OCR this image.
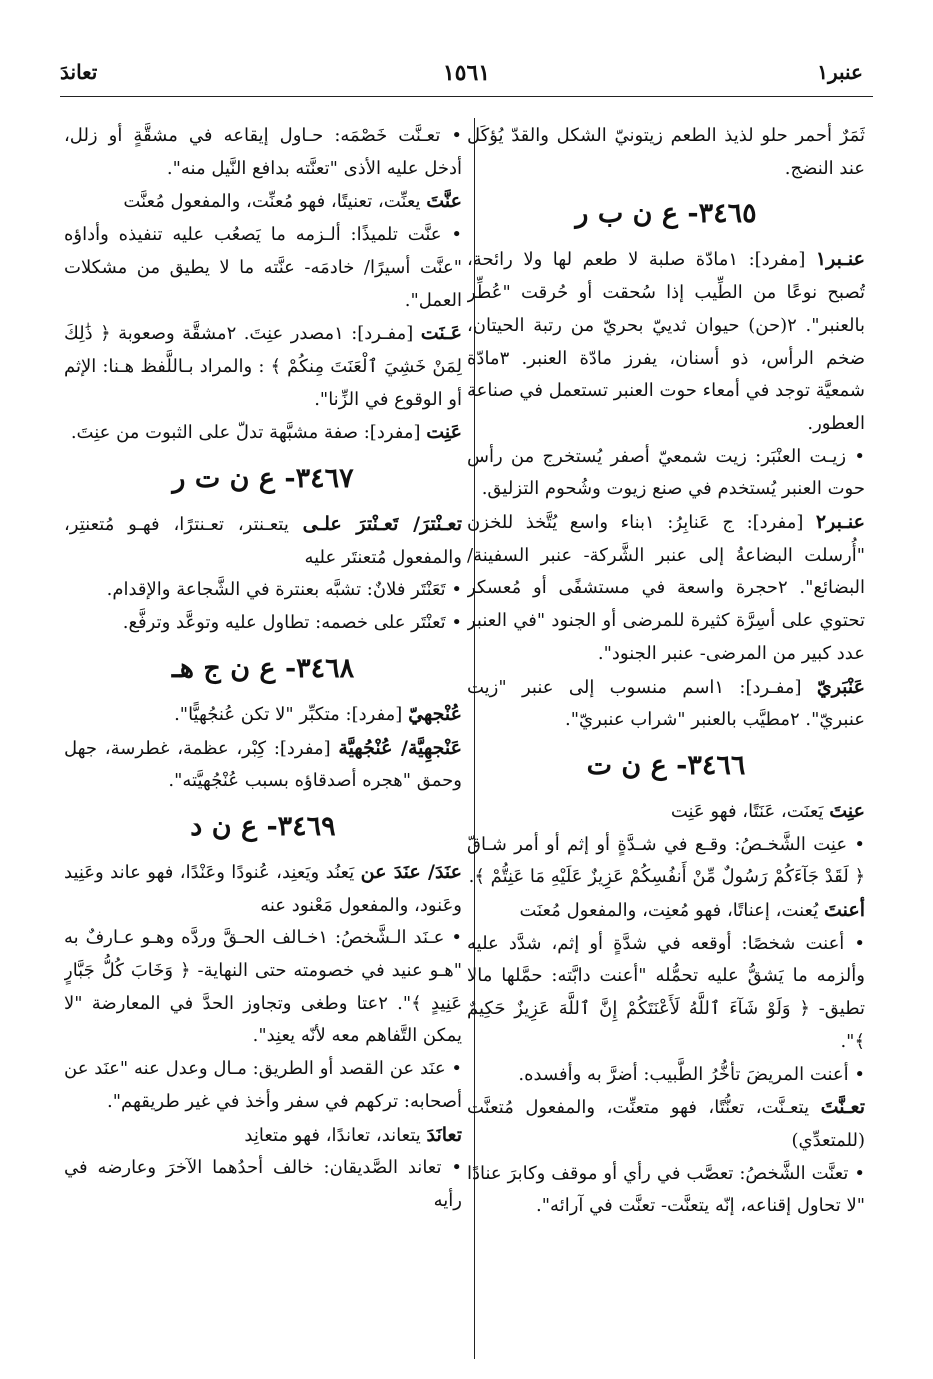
عنبر١
١٥٦١
تعاندَ

ثَمَرٌ أحمر حلو لذيذ الطعم زيتونيّ الشكل والقدّ يُؤكَل عند النضج.

٣٤٦٥- ع ن ب ر

عنـبر١ [مفرد]: ١مادّة صلبة لا طعم لها ولا رائحة، تُصبح نوعًا من الطِّيب إذا سُحقت أو حُرقت "عُطِّر بالعنبر". ٢(حن) حيوان ثدييّ بحريّ من رتبة الحيتان، ضخم الرأس، ذو أسنان، يفرز مادّة العنبر. ٣مادّة شمعيَّة توجد في أمعاء حوت العنبر تستعمل في صناعة العطور.

• زيـت العنْبَر: زيت شمعيّ أصفر يُستخرج من رأس حوت العنبر يُستخدم في صنع زيوت وشُحوم التزليق.

عنـبر٢ [مفرد]: ج عَنابِرُ: ١بناء واسع يُتَّخذ للخزن "أُرسلت البضاعةُ إلى عنبر الشَّركة- عنبر السفينة/ البضائع". ٢حجرة واسعة في مستشفًى أو مُعسكر تحتوي على أسِرَّة كثيرة للمرضى أو الجنود "في العنبر عدد كبير من المرضى- عنبر الجنود".

عَنْبَريّ [مفـرد]: ١اسم منسوب إلى عنبر "زيت عنبريّ". ٢مطيَّب بالعنبر "شراب عنبريّ".

٣٤٦٦- ع ن ت

عنِتَ يَعنَت، عَنَتًا، فهو عَنِت

• عنِت الشَّخـصُ: وقـع في شـدَّةٍ أو إثم أو أمر شـاقّ ﴿ لَقَدْ جَآءَكُمْ رَسُولٌ مِّنْ أَنفُسِكُمْ عَزِيزٌ عَلَيْهِ مَا عَنِتُّمْ ﴾.

أعنتَ يُعنت، إعناتًا، فهو مُعنِت، والمفعول مُعنَت

• أعنت شخصًا: أوقعه في شدَّةٍ أو إثم، شدَّد عليه وألزمه ما يَشقُّ عليه تحمُّله "أعنت دابَّته: حمَّلها مالا تطيق- ﴿ وَلَوْ شَآءَ ٱللَّهُ لَأَعْنَتَكُمْ إِنَّ ٱللَّهَ عَزِيزٌ حَكِيمٌ ﴾".

• أعنت المريضَ تأخُّرُ الطَّبيب: أضرَّ به وأفسده.

تعـنَّتَ يتعـنَّت، تعنُّتًا، فهو متعنِّت، والمفعول مُتعنَّت (للمتعدِّي)

• تعنَّت الشَّخصُ: تعصَّب في رأي أو موقف وكابرَ عنادًا "لا تحاول إقناعه، إنّه يتعنَّت- تعنَّت في آرائه".

• تعـنَّت خَصْمَه: حـاول إيقاعه في مشقَّةٍ أو زلل، أدخل عليه الأذى "تعنَّته بدافع النَّيل منه".

عنَّتَ يعنِّت، تعنيتًا، فهو مُعنِّت، والمفعول مُعنَّت

• عنَّت تلميذًا: ألـزمه ما يَصعُب عليه تنفيذه وأداؤه "عنَّت أسيرًا/ خادمَه- عنَّته ما لا يطيق من مشكلات العمل".

عَـنَت [مفـرد]: ١مصدر عنِتَ. ٢مشقَّة وصعوبة ﴿ ذَٰلِكَ لِمَنْ خَشِيَ ٱلْعَنَتَ مِنكُمْ ﴾ : والمراد بـاللَّفظ هـنا: الإثم أو الوقوع في الزِّنا".

عَنِت [مفرد]: صفة مشبَّهة تدلّ على الثبوت من عنِتَ.

٣٤٦٧- ع ن ت ر

تعـنْترَ/ تَعـنْترَ علـى يتعـنتر، تعـنترًا، فهـو مُتعنتِر، والمفعول مُتعنتَر عليه

• تَعَنْتَر فلانٌ: تشبَّه بعنترة في الشَّجاعة والإقدام.

• تَعنْتَر على خصمه: تطاول عليه وتوعَّد وترفَّع.

٣٤٦٨- ع ن ج هـ

عُنْجهيّ [مفرد]: متكبِّر "لا تكن عُنجُهيًّا".

عَنْجهِيَّة/ عُنْجُهيَّة [مفرد]: كِبْر، عظمة، غطرسة، جهل وحمق "هجره أصدقاؤه بسبب عُنْجُهيَّته".

٣٤٦٩- ع ن د

عنَدَ/ عنَدَ عن يَعنُد ويَعنِد، عُنودًا وعَنْدًا، فهو عاند وعَنِيد وعَنود، والمفعول مَعْنود عنه

• عـنَد الـشَّخصُ: ١خـالف الحـقَّ وردَّه وهـو عـارفٌ به "هـو عنيد في خصومته حتى النهاية- ﴿ وَخَابَ كُلُّ جَبَّارٍ عَنِيدٍ ﴾". ٢عتا وطغى وتجاوز الحدَّ في المعارضة "لا يمكن التَّفاهم معه لأنّه يعنِد".

• عنَد عن القصد أو الطريق: مـال وعدل عنه "عنَد عن أصحابه: تركهم في سفر وأخذ في غير طريقهم".

تعانَدَ يتعاند، تعاندًا، فهو متعانِد

• تعاند الصَّديقان: خالف أحدُهما الآخرَ وعارضه في رأيه
